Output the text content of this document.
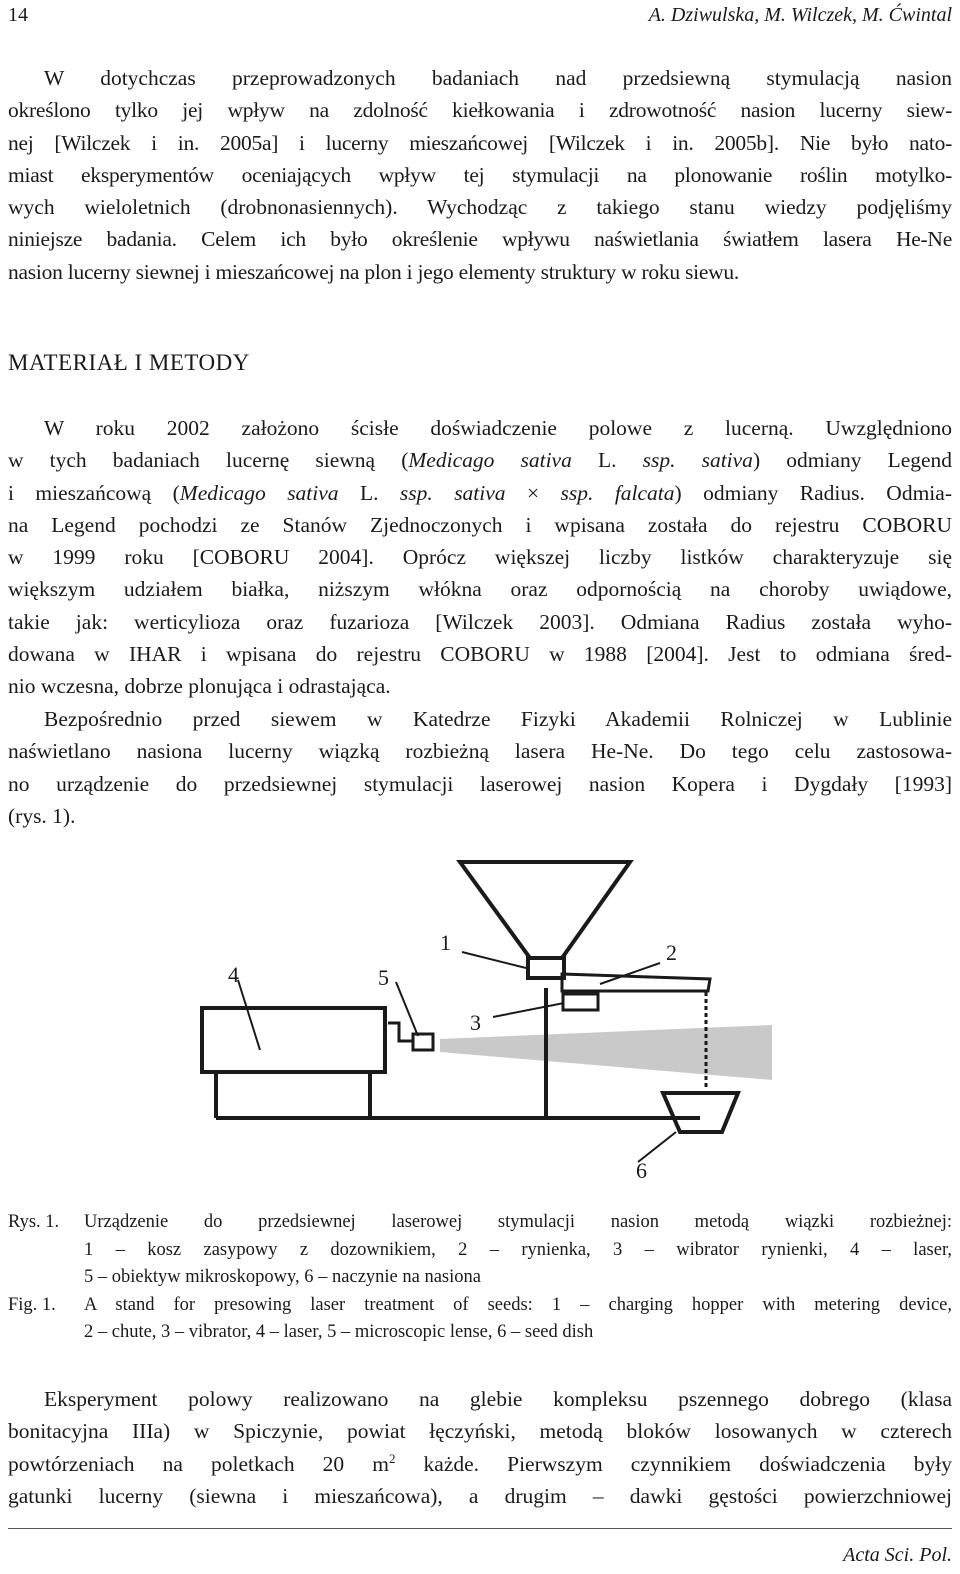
14	A. Dziwulska, M. Wilczek, M. Ćwintal
W dotychczas przeprowadzonych badaniach nad przedsiewną stymulacją nasion
określono tylko jej wpływ na zdolność kiełkowania i zdrowotność nasion lucerny siew-
nej [Wilczek i in. 2005a] i lucerny mieszańcowej [Wilczek i in. 2005b]. Nie było nato-
miast eksperymentów oceniających wpływ tej stymulacji na plonowanie roślin motylko-
wych wieloletnich (drobnonasiennych). Wychodząc z takiego stanu wiedzy podjęliśmy
niniejsze badania. Celem ich było określenie wpływu naświetlania światłem lasera He-Ne
nasion lucerny siewnej i mieszańcowej na plon i jego elementy struktury w roku siewu.
MATERIAŁ I METODY
W roku 2002 założono ścisłe doświadczenie polowe z lucerną. Uwzględniono
w tych badaniach lucernę siewną (Medicago sativa L. ssp. sativa) odmiany Legend
i mieszańcową (Medicago sativa L. ssp. sativa × ssp. falcata) odmiany Radius. Odmia-
na Legend pochodzi ze Stanów Zjednoczonych i wpisana została do rejestru COBORU
w 1999 roku [COBORU 2004]. Oprócz większej liczby listków charakteryzuje się
większym udziałem białka, niższym włókna oraz odpornością na choroby uwiądowe,
takie jak: werticylioza oraz fuzarioza [Wilczek 2003]. Odmiana Radius została wyho-
dowana w IHAR i wpisana do rejestru COBORU w 1988 [2004]. Jest to odmiana śred-
nio wczesna, dobrze plonująca i odrastająca.
Bezpośrednio przed siewem w Katedrze Fizyki Akademii Rolniczej w Lublinie
naświetlano nasiona lucerny wiązką rozbieżną lasera He-Ne. Do tego celu zastosowa-
no urządzenie do przedsiewnej stymulacji laserowej nasion Kopera i Dygdały [1993]
(rys. 1).
1	2
3
4	5
6
Rys. 1. Urządzenie do przedsiewnej laserowej stymulacji nasion metodą wiązki rozbieżnej:
1 – kosz zasypowy z dozownikiem, 2 – rynienka, 3 – wibrator rynienki, 4 – laser,
5 – obiektyw mikroskopowy, 6 – naczynie na nasiona
Fig. 1. A stand for presowing laser treatment of seeds: 1 – charging hopper with metering device,
2 – chute, 3 – vibrator, 4 – laser, 5 – microscopic lense, 6 – seed dish
Eksperyment polowy realizowano na glebie kompleksu pszennego dobrego (klasa
bonitacyjna IIIa) w Spiczynie, powiat łęczyński, metodą bloków losowanych w czterech
powtórzeniach na poletkach 20 $m^2$ każde. Pierwszym czynnikiem doświadczenia były
gatunki lucerny (siewna i mieszańcowa), a drugim – dawki gęstości powierzchniowej
Acta Sci. Pol.
